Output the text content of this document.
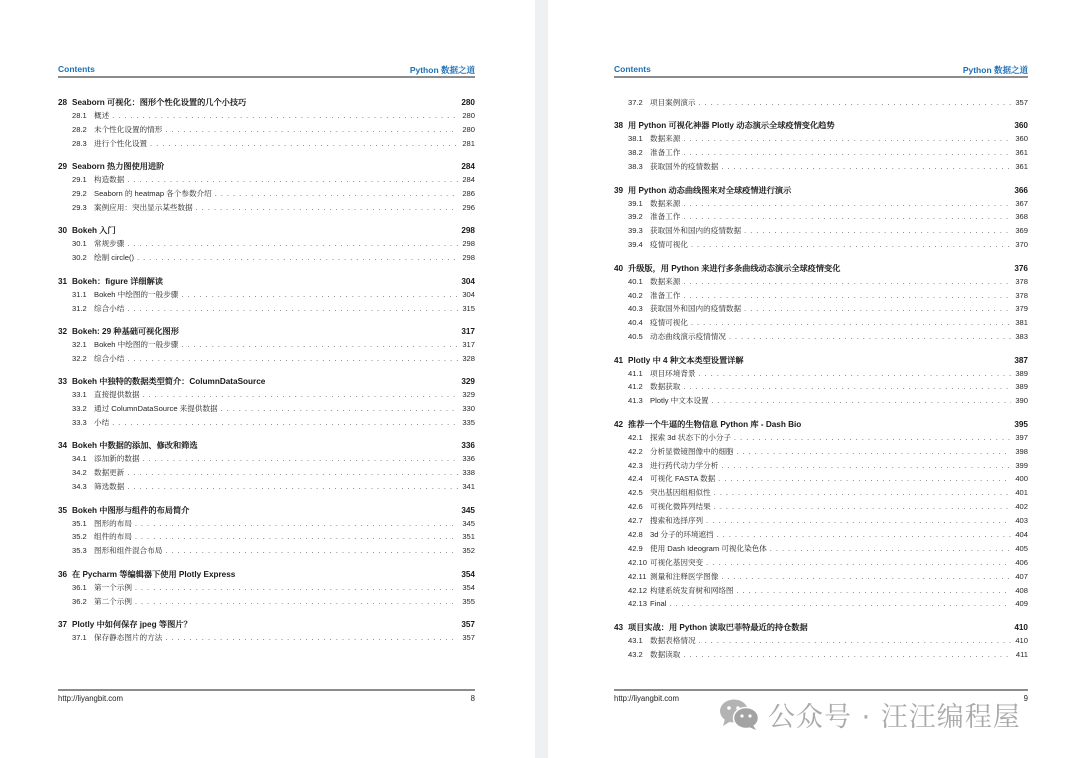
Contents	Python 数据之道
28 Seaborn 可视化：图形个性化设置的几个小技巧	280
28.1 概述 . . .	280
28.2 未个性化设置的情形 . . .	280
28.3 进行个性化设置 . . .	281
29 Seaborn 热力图使用进阶	284
29.1 构造数据 . . .	284
29.2 Seaborn 的 heatmap 各个参数介绍 . . .	286
29.3 案例应用：突出显示某些数据 . . .	296
30 Bokeh 入门	298
30.1 常规步骤 . . .	298
30.2 绘制 circle() . . .	298
31 Bokeh：figure 详细解读	304
31.1 Bokeh 中绘图的一般步骤 . . .	304
31.2 综合小结 . . .	315
32 Bokeh: 29 种基础可视化图形	317
32.1 Bokeh 中绘图的一般步骤 . . .	317
32.2 综合小结 . . .	328
33 Bokeh 中独特的数据类型简介：ColumnDataSource	329
33.1 直接提供数据 . . .	329
33.2 通过 ColumnDataSource 来提供数据 . . .	330
33.3 小结 . . .	335
34 Bokeh 中数据的添加、修改和筛选	336
34.1 添加新的数据 . . .	336
34.2 数据更新 . . .	338
34.3 筛选数据 . . .	341
35 Bokeh 中图形与组件的布局简介	345
35.1 图形的布局 . . .	345
35.2 组件的布局 . . .	351
35.3 图形和组件混合布局 . . .	352
36 在 Pycharm 等编辑器下使用 Plotly Express	354
36.1 第一个示例 . . .	354
36.2 第二个示例 . . .	355
37 Plotly 中如何保存 jpeg 等图片？	357
37.1 保存静态图片的方法 . . .	357
http://liyangbit.com	8
Contents	Python 数据之道
37.2 项目案例演示 . . .	357
38 用 Python 可视化神器 Plotly 动态演示全球疫情变化趋势	360
38.1 数据来源 . . .	360
38.2 准备工作 . . .	361
38.3 获取国外的疫情数据 . . .	361
39 用 Python 动态曲线图来对全球疫情进行演示	366
39.1 数据来源 . . .	367
39.2 准备工作 . . .	368
39.3 获取国外和国内的疫情数据 . . .	369
39.4 疫情可视化 . . .	370
40 升级版，用 Python 来进行多条曲线动态演示全球疫情变化	376
40.1 数据来源 . . .	378
40.2 准备工作 . . .	378
40.3 获取国外和国内的疫情数据 . . .	379
40.4 疫情可视化 . . .	381
40.5 动态曲线演示疫情情况 . . .	383
41 Plotly 中 4 种文本类型设置详解	387
41.1 项目环境背景 . . .	389
41.2 数据获取 . . .	389
41.3 Plotly 中文本设置 . . .	390
42 推荐一个牛逼的生物信息 Python 库 - Dash Bio	395
42.1 探索 3d 状态下的小分子 . . .	397
42.2 分析显微镜图像中的细胞 . . .	398
42.3 进行药代动力学分析 . . .	399
42.4 可视化 FASTA 数据 . . .	400
42.5 突出基因组相似性 . . .	401
42.6 可视化微阵列结果 . . .	402
42.7 搜索和选择序列 . . .	403
42.8 3d 分子的环境遮挡 . . .	404
42.9 使用 Dash Ideogram 可视化染色体 . . .	405
42.10 可视化基因突变 . . .	406
42.11 测量和注释医学图像 . . .	407
42.12 构建系统发育树和网络图 . . .	408
42.13 Final . . .	409
43 项目实战：用 Python 读取巴菲特最近的持仓数据	410
43.1 数据表格情况 . . .	410
43.2 数据读取 . . .	411
http://liyangbit.com	9
公众号 · 汪汪编程屋
